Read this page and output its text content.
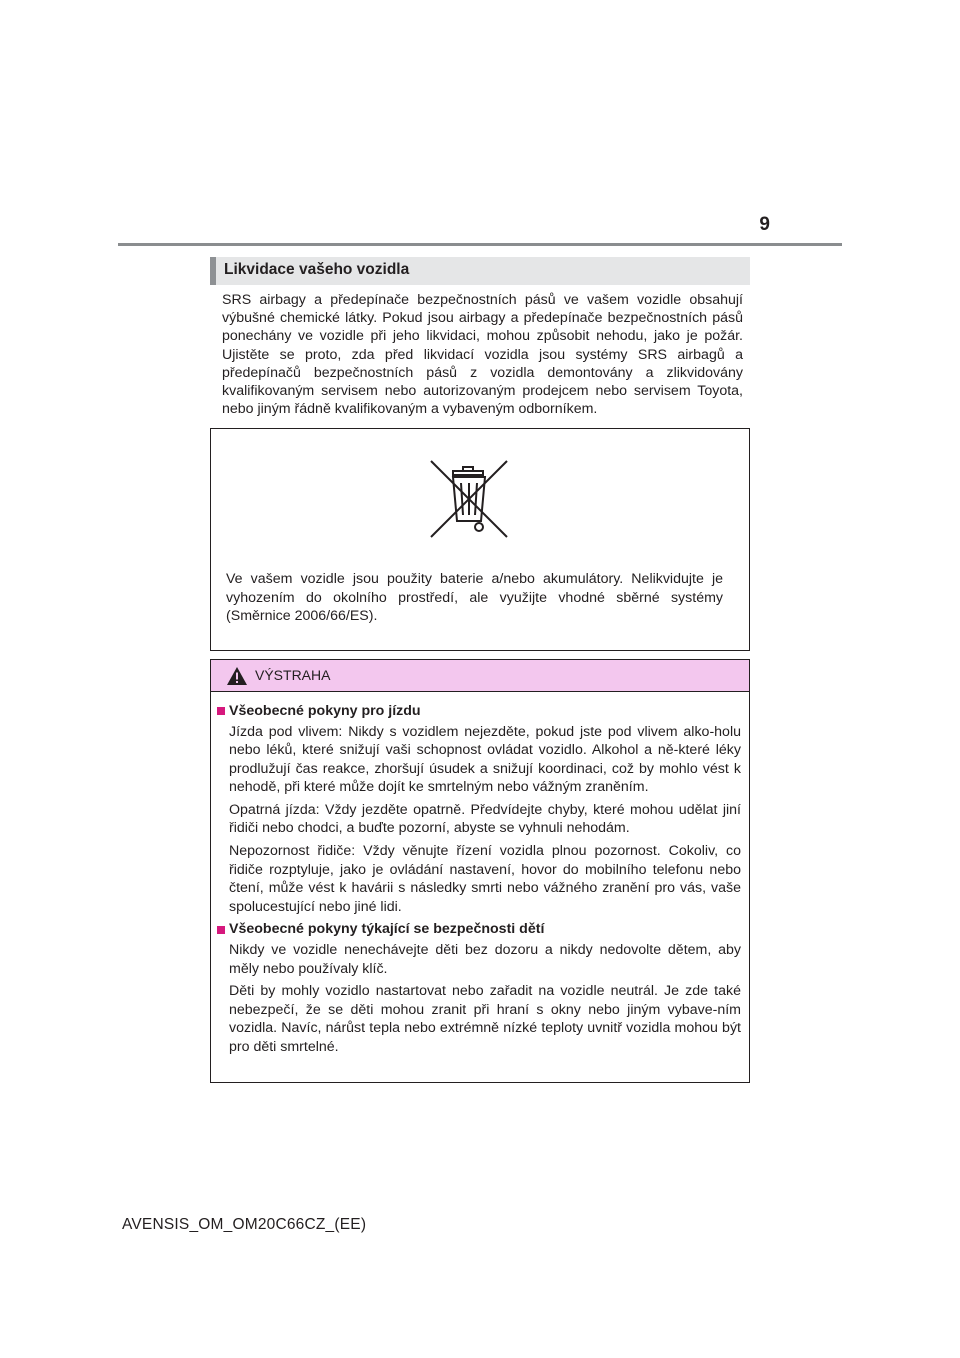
9
Likvidace vašeho vozidla

SRS airbagy a předepínače bezpečnostních pásů ve vašem vozidle obsahují výbušné chemické látky. Pokud jsou airbagy a předepínače bezpečnostních pásů ponechány ve vozidle při jeho likvidaci, mohou způsobit nehodu, jako je požár. Ujistěte se proto, zda před likvidací vozidla jsou systémy SRS airbagů a předepínačů bezpečnostních pásů z vozidla demontovány a zlikvidovány kvalifikovaným servisem nebo autorizovaným prodejcem nebo servisem Toyota, nebo jiným řádně kvalifikovaným a vybaveným odborníkem.

Ve vašem vozidle jsou použity baterie a/nebo akumulátory. Nelikvidujte je vyhozením do okolního prostředí, ale využijte vhodné sběrné systémy (Směrnice 2006/66/ES).

VÝSTRAHA

Všeobecné pokyny pro jízdu

Jízda pod vlivem: Nikdy s vozidlem nejezděte, pokud jste pod vlivem alko-holu nebo léků, které snižují vaši schopnost ovládat vozidlo. Alkohol a ně-které léky prodlužují čas reakce, zhoršují úsudek a snižují koordinaci, což by mohlo vést k nehodě, při které může dojít ke smrtelným nebo vážným zraněním.

Opatrná jízda: Vždy jezděte opatrně. Předvídejte chyby, které mohou udělat jiní řidiči nebo chodci, a buďte pozorní, abyste se vyhnuli nehodám.

Nepozornost řidiče: Vždy věnujte řízení vozidla plnou pozornost. Cokoliv, co řidiče rozptyluje, jako je ovládání nastavení, hovor do mobilního telefonu nebo čtení, může vést k havárii s následky smrti nebo vážného zranění pro vás, vaše spolucestující nebo jiné lidi.

Všeobecné pokyny týkající se bezpečnosti dětí

Nikdy ve vozidle nenechávejte děti bez dozoru a nikdy nedovolte dětem, aby měly nebo používaly klíč.

Děti by mohly vozidlo nastartovat nebo zařadit na vozidle neutrál. Je zde také nebezpečí, že se děti mohou zranit při hraní s okny nebo jiným vybave-ním vozidla. Navíc, nárůst tepla nebo extrémně nízké teploty uvnitř vozidla mohou být pro děti smrtelné.

AVENSIS_OM_OM20C66CZ_(EE)
